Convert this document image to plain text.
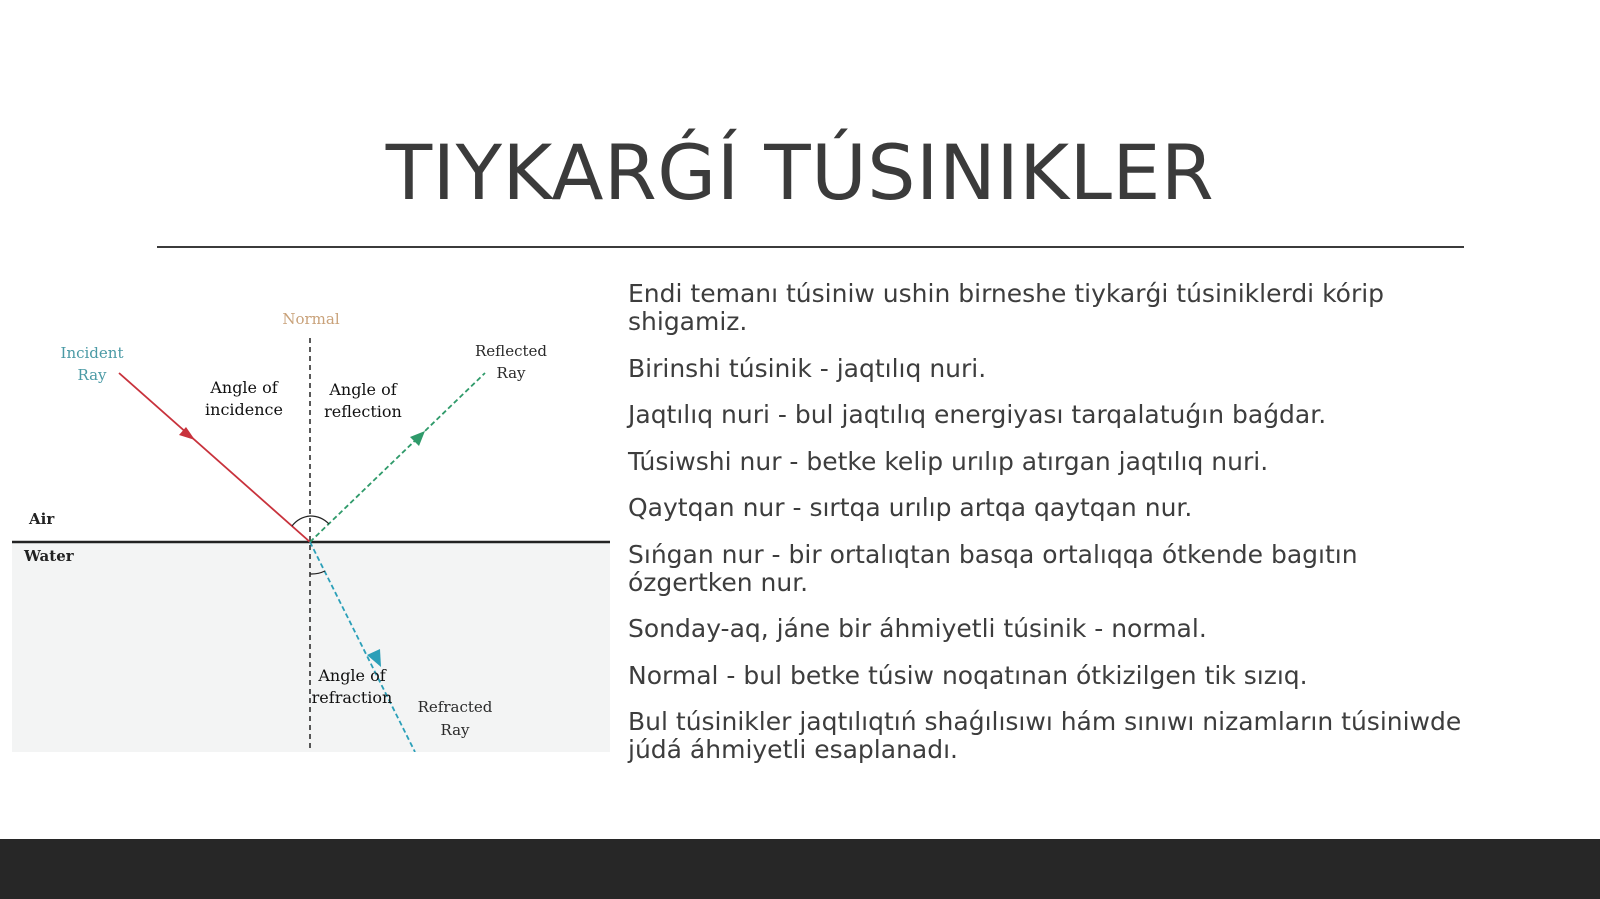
TIYKARǴÍ TÚSINIKLER
Normal
Incident
Ray
Reflected
Ray
Angle of
incidence
Angle of
reflection
Air
Water
Angle of
refraction Refracted
Ray

Endi temanı túsiniw ushin birneshe tiykarǵi túsiniklerdi kórip shigamiz.

Birinshi túsinik - jaqtılıq nuri.

Jaqtılıq nuri - bul jaqtılıq energiyası tarqalatuǵın baǵdar.

Túsiwshi nur - betke kelip urılıp atırgan jaqtılıq nuri.

Qaytqan nur - sırtqa urılıp artqa qaytqan nur.

Sıńgan nur - bir ortalıqtan basqa ortalıqqa ótkende bagıtın ózgertken nur.

Sonday-aq, jáne bir áhmiyetli túsinik - normal.

Normal - bul betke túsiw noqatınan ótkizilgen tik sızıq.

Bul túsinikler jaqtılıqtıń shaǵılısıwı hám sınıwı nizamların túsiniwde júdá áhmiyetli esaplanadı.
